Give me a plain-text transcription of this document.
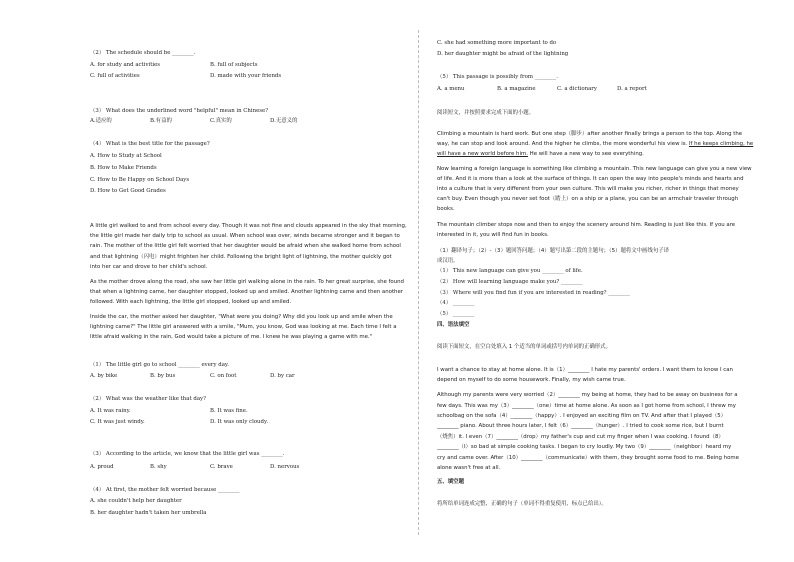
（2） The schedule should be ________.
A. for study and activities	B. full of subjects
C. full of activities	D. made with your friends
（3） What does the underlined word "helpful" mean in Chinese?
A.适应的	B.有益的	C.真实的	D.无意义的
（4） What is the best title for the passage?
A. How to Study at School
B. How to Make Friends
C. How to Be Happy on School Days
D. How to Get Good Grades
A little girl walked to and from school every day. Though it was not fine and clouds appeared in the sky that morning,
the little girl made her daily trip to school as usual. When school was over, winds became stronger and it began to
rain. The mother of the little girl felt worried that her daughter would be afraid when she walked home from school
and that lightning（闪电）might frighten her child. Following the bright light of lightning, the mother quickly got
into her car and drove to her child's school.
As the mother drove along the road, she saw her little girl walking alone in the rain. To her great surprise, she found
that when a lightning came, her daughter stopped, looked up and smiled. Another lightning came and then another
followed. With each lightning, the little girl stopped, looked up and smiled.
Inside the car, the mother asked her daughter, "What were you doing? Why did you look up and smile when the
lightning came?" The little girl answered with a smile, "Mum, you know, God was looking at me. Each time I felt a
little afraid walking in the rain, God would take a picture of me. I knew he was playing a game with me."
（1） The little girl go to school ________ every day.
A. by bike	B. by bus	C. on foot	D. by car
（2） What was the weather like that day?
A. It was rainy.	B. It was fine.
C. It was just windy.	D. It was only cloudy.
（3） According to the article, we know that the little girl was ________.
A. proud	B. shy	C. brave	D. nervous
（4） At first, the mother felt worried because ________
A. she couldn't help her daughter
B. her daughter hadn't taken her umbrella
C. she had something more important to do
D. her daughter might be afraid of the lightning
（5） This passage is possibly from ________.
A. a menu	B. a magazine	C. a dictionary	D. a report
阅读短文，并按照要求完成下面的小题。
Climbing a mountain is hard work. But one step（脚步）after another finally brings a person to the top. Along the
way, he can stop and look around. And the higher he climbs, the more wonderful his view is. If he keeps climbing, he
will have a new world before him. He will have a new way to see everything.
Now learning a foreign language is something like climbing a mountain. This new language can give you a new view
of life. And it is more than a look at the surface of things. It can open the way into people's minds and hearts and
into a culture that is very different from your own culture. This will make you richer, richer in things that money
can't buy. Even though you never set foot（踏上）on a ship or a plane, you can be an armchair traveler through
books.
The mountain climber stops now and then to enjoy the scenery around him. Reading is just like this. If you are
interested in it, you will find fun in books.
（1）翻译句子；（2）-（3）题回答问题；（4）题写出第二段的主题句；（5）题将文中画线句子译
成汉语。
（1） This new language can give you ________ of life.
（2） How will learning language make you? ________
（3） Where will you find fun if you are interested in reading? ________
（4） ________
（5） ________
四、语法填空
阅读下面短文，在空白处填入 1 个适当的单词或括号内单词的正确形式。
I want a chance to stay at home alone. It is（1）________ I hate my parents' orders. I want them to know I can
depend on myself to do some housework. Finally, my wish came true.
Although my parents were very worried（2）________ my being at home, they had to be away on business for a
few days. This was my（3）________（one）time at home alone. As soon as I got home from school, I threw my
schoolbag on the sofa（4）________（happy）. I enjoyed an exciting film on TV. And after that I played（5）
________ piano. About three hours later, I felt（6）________（hunger）. I tried to cook some rice, but I burnt
（烧焦）it. I even（7）________（drop）my father's cup and cut my finger when I was cooking. I found（8）
________（I）so bad at simple cooking tasks. I began to cry loudly. My two（9）________（neighbor）heard my
cry and came over. After（10）________（communicate）with them, they brought some food to me. Being home
alone wasn't free at all.
五、填空题
将所给单词连成完整、正确的句子（单词不得重复使用，标点已给出）。
